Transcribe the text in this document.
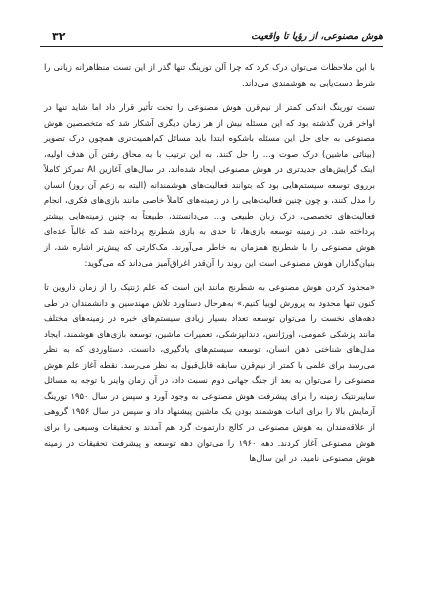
هوش مصنوعی، از رؤیا تا واقعیت
۳۲

با این ملاحظات می‌توان درک کرد که چرا آلن تورینگ تنها گذر از این تست منظاهرانه زبانی را شرط دست‌یابی به هوشمندی می‌داند.

تست تورینگ اندکی کمتر از نیم‌قرن هوش مصنوعی را تحت تأثیر قرار داد اما شاید تنها در اواخر قرن گذشته بود که این مسئله بیش از هر زمان دیگری آشکار شد که متخصصین هوش مصنوعی به جای حل این مسئله باشکوه ابتدا باید مسائل کم‌اهمیت‌تری همچون درک تصویر (بینائی ماشین) درک صوت و... را حل کنند. به این ترتیب با به محاق رفتن آن هدف اولیه، اینک گرایش‌های جدیدتری در هوش مصنوعی ایجاد شده‌اند. در سال‌های آغازین AI تمرکز کاملاً برروی توسعه سیستم‌هایی بود که بتوانند فعالیت‌های هوشمندانه (البته به زعم آن روز) انسان را مدل کنند، و چون چنین فعالیت‌هایی را در زمینه‌های کاملاً خاصی مانند بازی‌های فکری، انجام فعالیت‌های تخصصی، درک زبان طبیعی و... می‌دانستند، طبیعتاً به چنین زمینه‌هایی بیشتر پرداخته شد. در زمینه توسعه بازی‌ها، تا حدی به بازی شطرنج پرداخته شد که غالباً عده‌ای هوش مصنوعی را با شطرنج همزمان به خاطر می‌آورند. مک‌کارتی که پیش‌تر اشاره شد، از بنیان‌گذاران هوش مصنوعی است این روند را آن‌قدر اغراق‌آمیز می‌داند که می‌گوید:

«محدود کردن هوش مصنوعی به شطرنج مانند این است که علم ژنتیک را از زمان داروین تا کنون تنها محدود به پرورش لوبیا کنیم.» به‌هرحال دستاورد تلاش مهندسین و دانشمندان در طی دهه‌های نخست را می‌توان توسعه تعداد بسیار زیادی سیستم‌های خبره در زمینه‌های مختلف مانند پزشکی عمومی، اورژانس، دندانپزشکی، تعمیرات ماشین، توسعه بازی‌های هوشمند، ایجاد مدل‌های شناختی ذهن انسان، توسعه سیستم‌های یادگیری، دانست. دستاوردی که به نظر می‌رسد برای علمی با کمتر از نیم‌قرن سابقه قابل‌قبول به نظر می‌رسد. نقطه آغاز علم هوش مصنوعی را می‌توان به بعد از جنگ جهانی دوم نسبت داد، در آن زمان واینر با توجه به مسائل سایبرنتیک زمینه را برای پیشرفت هوش مصنوعی به وجود آورد و سپس در سال ۱۹۵۰ تورینگ آزمایش بالا را برای اثبات هوشمند بودن یک ماشین پیشنهاد داد و سپس در سال ۱۹۵۶ گروهی از علاقه‌مندان به هوش مصنوعی در کالج دارتموث گرد هم آمدند و تحقیقات وسیعی را برای هوش مصنوعی آغاز کردند. دهه ۱۹۶۰ را می‌توان دهه توسعه و پیشرفت تحقیقات در زمینه هوش مصنوعی نامید. در این سال‌ها
